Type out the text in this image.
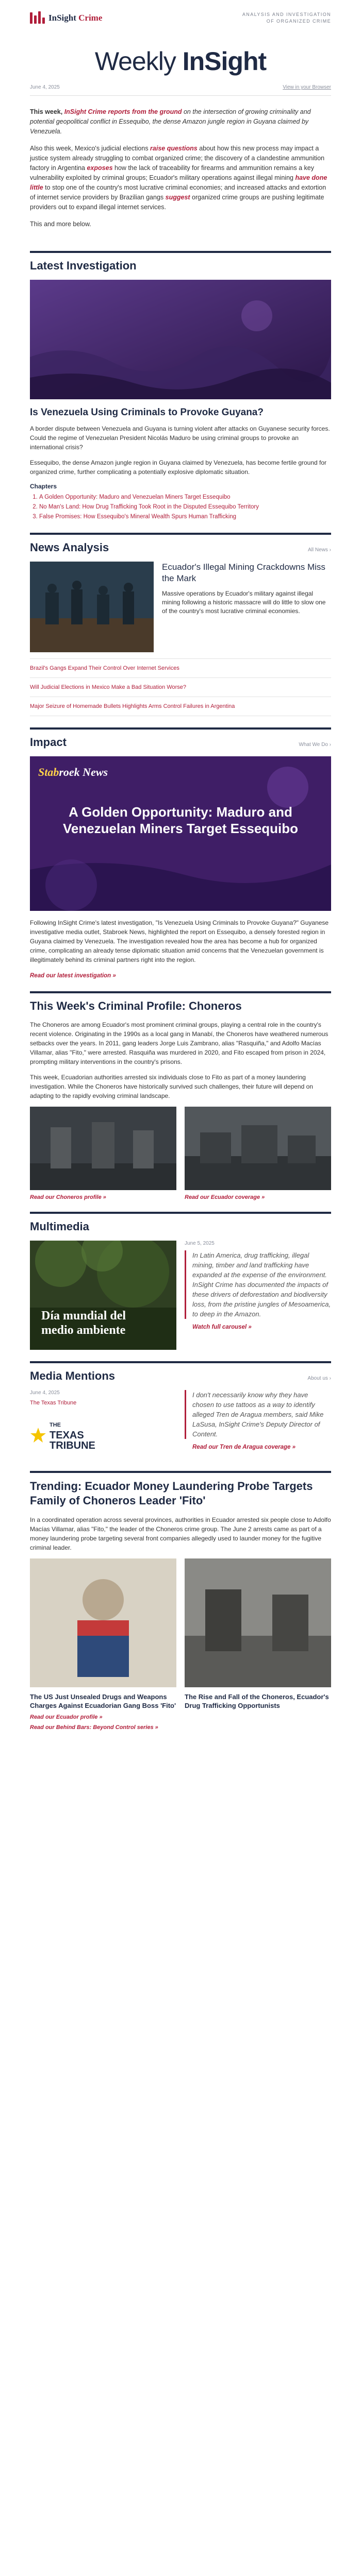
InSight Crime	ANALYSIS AND INVESTIGATION
OF ORGANIZED CRIME
Weekly InSight
June 4, 2025	View in your Browser

This week, InSight Crime reports from the ground on the intersection of growing criminality and potential geopolitical conflict in Essequibo, the dense Amazon jungle region in Guyana claimed by Venezuela.

Also this week, Mexico's judicial elections raise questions about how this new process may impact a justice system already struggling to combat organized crime; the discovery of a clandestine ammunition factory in Argentina exposes how the lack of traceability for firearms and ammunition remains a key vulnerability exploited by criminal groups; Ecuador's military operations against illegal mining have done little to stop one of the country's most lucrative criminal economies; and increased attacks and extortion of internet service providers by Brazilian gangs suggest organized crime groups are pushing legitimate providers out to expand illegal internet services.

This and more below.

Latest Investigation
Is Venezuela Using Criminals to Provoke Guyana?

A border dispute between Venezuela and Guyana is turning violent after attacks on Guyanese security forces. Could the regime of Venezuelan President Nicolás Maduro be using criminal groups to provoke an international crisis?

Essequibo, the dense Amazon jungle region in Guyana claimed by Venezuela, has become fertile ground for organized crime, further complicating a potentially explosive diplomatic situation.

Chapters
1. A Golden Opportunity: Maduro and Venezuelan Miners Target Essequibo
2. No Man's Land: How Drug Trafficking Took Root in the Disputed Essequibo Territory
3. False Promises: How Essequibo's Mineral Wealth Spurs Human Trafficking
News Analysis	All News ›
Ecuador's Illegal Mining Crackdowns Miss the Mark

Massive operations by Ecuador's military against illegal mining following a historic massacre will do little to slow one of the country's most lucrative criminal economies.

Brazil's Gangs Expand Their Control Over Internet Services
Will Judicial Elections in Mexico Make a Bad Situation Worse?
Major Seizure of Homemade Bullets Highlights Arms Control Failures in Argentina
Impact	What We Do ›
Stabroek News
A Golden Opportunity: Maduro and Venezuelan Miners Target Essequibo

Following InSight Crime's latest investigation, "Is Venezuela Using Criminals to Provoke Guyana?" Guyanese investigative media outlet, Stabroek News, highlighted the report on Essequibo, a densely forested region in Guyana claimed by Venezuela. The investigation revealed how the area has become a hub for organized crime, complicating an already tense diplomatic situation amid concerns that the Venezuelan government is illegitimately behind its criminal partners right into the region.

Read our latest investigation »
This Week's Criminal Profile: Choneros

The Choneros are among Ecuador's most prominent criminal groups, playing a central role in the country's recent violence. Originating in the 1990s as a local gang in Manabí, the Choneros have weathered numerous setbacks over the years. In 2011, gang leaders Jorge Luis Zambrano, alias "Rasquiña," and Adolfo Macías Villamar, alias "Fito," were arrested. Rasquiña was murdered in 2020, and Fito escaped from prison in 2024, prompting military interventions in the country's prisons.

This week, Ecuadorian authorities arrested six individuals close to Fito as part of a money laundering investigation. While the Choneros have historically survived such challenges, their future will depend on adapting to the rapidly evolving criminal landscape.

Read our Choneros profile »	Read our Ecuador coverage »
Multimedia
Día mundial del
medio ambiente
June 5, 2025
In Latin America, drug trafficking, illegal mining, timber and land trafficking have expanded at the expense of the environment. InSight Crime has documented the impacts of these drivers of deforestation and biodiversity loss, from the pristine jungles of Mesoamerica, to deep in the Amazon.
Watch full carousel »
Media Mentions	About us ›
June 4, 2025
The Texas Tribune
THE
TEXAS
TRIBUNE
I don't necessarily know why they have chosen to use tattoos as a way to identify alleged Tren de Aragua members, said Mike LaSusa, InSight Crime's Deputy Director of Content.
Read our Tren de Aragua coverage »
Trending: Ecuador Money Laundering Probe Targets Family of Choneros Leader 'Fito'

In a coordinated operation across several provinces, authorities in Ecuador arrested six people close to Adolfo Macías Villamar, alias "Fito," the leader of the Choneros crime group. The June 2 arrests came as part of a money laundering probe targeting several front companies allegedly used to launder money for the fugitive criminal leader.

The US Just Unsealed Drugs and Weapons Charges Against Ecuadorian Gang Boss 'Fito'
The Rise and Fall of the Choneros, Ecuador's Drug Trafficking Opportunists
Read our Ecuador profile »
Read our Behind Bars: Beyond Control series »
